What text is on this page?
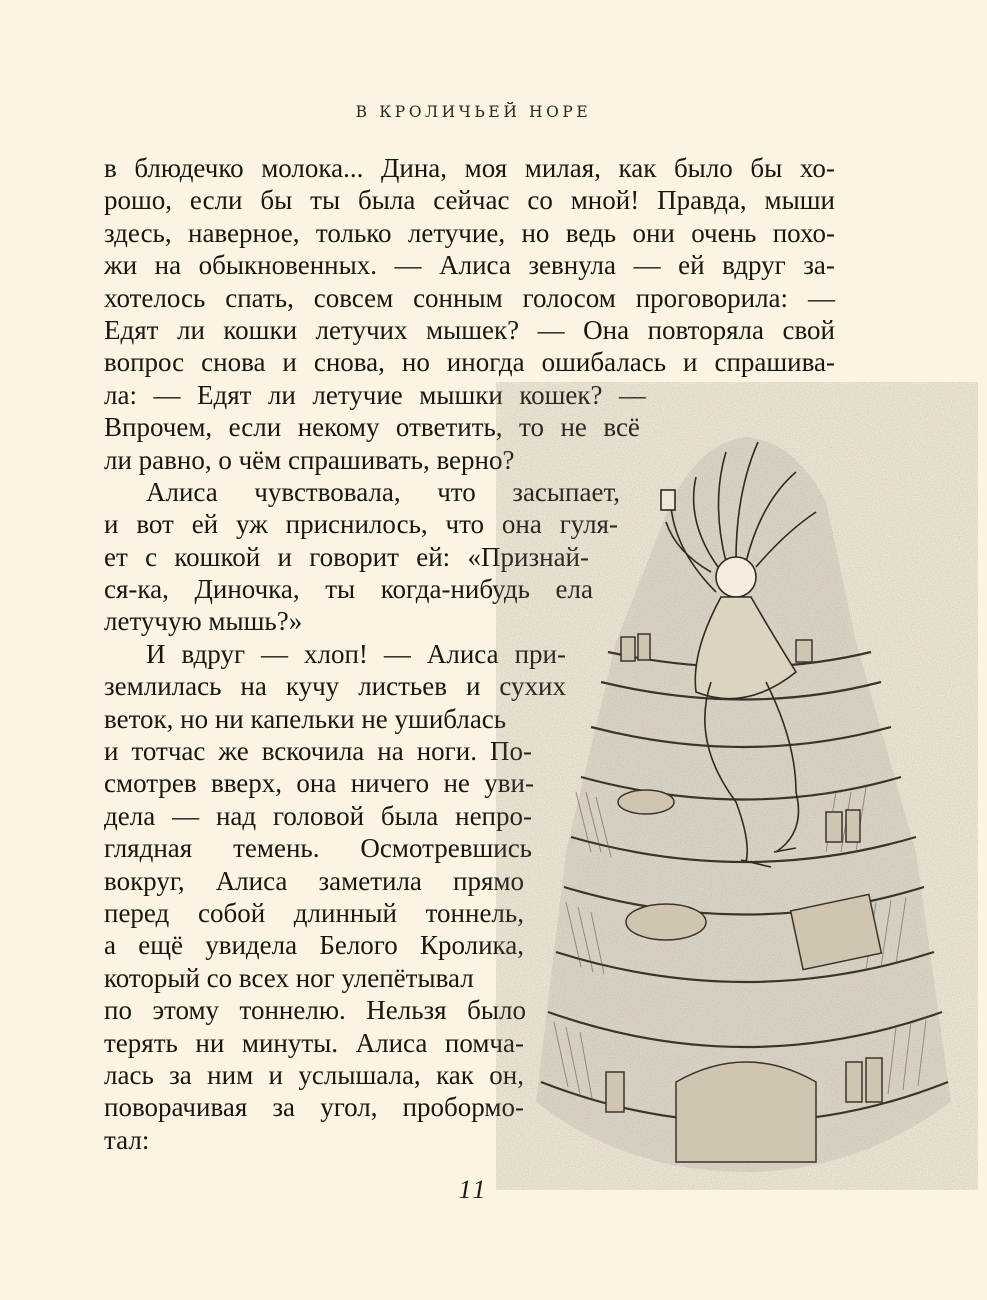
В КРОЛИЧЬЕЙ НОРЕ
в блюдечко молока... Дина, моя милая, как было бы хо-
рошо, если бы ты была сейчас со мной! Правда, мыши
здесь, наверное, только летучие, но ведь они очень похо-
жи на обыкновенных. — Алиса зевнула — ей вдруг за-
хотелось спать, совсем сонным голосом проговорила: —
Едят ли кошки летучих мышек? — Она повторяла свой
вопрос снова и снова, но иногда ошибалась и спрашива-
ла: — Едят ли летучие мышки кошек? —
Впрочем, если некому ответить, то не всё
ли равно, о чём спрашивать, верно?
Алиса чувствовала, что засыпает,
и вот ей уж приснилось, что она гуля-
ет с кошкой и говорит ей: «Признай-
ся-ка, Диночка, ты когда-нибудь ела
летучую мышь?»
И вдруг — хлоп! — Алиса при-
землилась на кучу листьев и сухих
веток, но ни капельки не ушиблась
и тотчас же вскочила на ноги. По-
смотрев вверх, она ничего не уви-
дела — над головой была непро-
глядная темень. Осмотревшись
вокруг, Алиса заметила прямо
перед собой длинный тоннель,
а ещё увидела Белого Кролика,
который со всех ног улепётывал
по этому тоннелю. Нельзя было
терять ни минуты. Алиса помча-
лась за ним и услышала, как он,
поворачивая за угол, пробормо-
тал:
11
